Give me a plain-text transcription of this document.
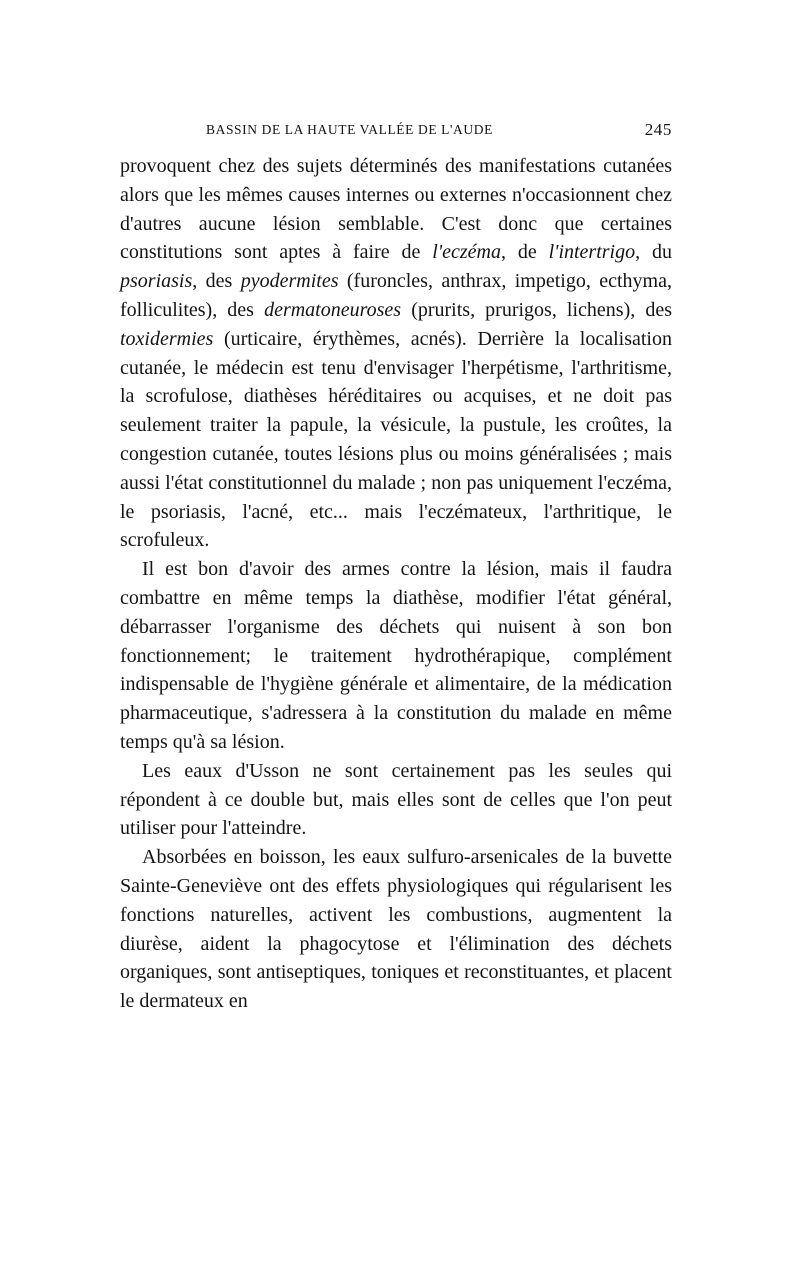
BASSIN DE LA HAUTE VALLÉE DE L'AUDE	245

provoquent chez des sujets déterminés des manifestations cutanées alors que les mêmes causes internes ou externes n'occasionnent chez d'autres aucune lésion semblable. C'est donc que certaines constitutions sont aptes à faire de l'eczéma, de l'intertrigo, du psoriasis, des pyodermites (furoncles, anthrax, impetigo, ecthyma, folliculites), des dermatoneuroses (prurits, prurigos, lichens), des toxidermies (urticaire, érythèmes, acnés). Derrière la localisation cutanée, le médecin est tenu d'envisager l'herpétisme, l'arthritisme, la scrofulose, diathèses héréditaires ou acquises, et ne doit pas seulement traiter la papule, la vésicule, la pustule, les croûtes, la congestion cutanée, toutes lésions plus ou moins généralisées ; mais aussi l'état constitutionnel du malade ; non pas uniquement l'eczéma, le psoriasis, l'acné, etc... mais l'eczémateux, l'arthritique, le scrofuleux.

Il est bon d'avoir des armes contre la lésion, mais il faudra combattre en même temps la diathèse, modifier l'état général, débarrasser l'organisme des déchets qui nuisent à son bon fonctionnement; le traitement hydrothérapique, complément indispensable de l'hygiène générale et alimentaire, de la médication pharmaceutique, s'adressera à la constitution du malade en même temps qu'à sa lésion.

Les eaux d'Usson ne sont certainement pas les seules qui répondent à ce double but, mais elles sont de celles que l'on peut utiliser pour l'atteindre.

Absorbées en boisson, les eaux sulfuro-arsenicales de la buvette Sainte-Geneviève ont des effets physiologiques qui régularisent les fonctions naturelles, activent les combustions, augmentent la diurèse, aident la phagocytose et l'élimination des déchets organiques, sont antiseptiques, toniques et reconstituantes, et placent le dermateux en
